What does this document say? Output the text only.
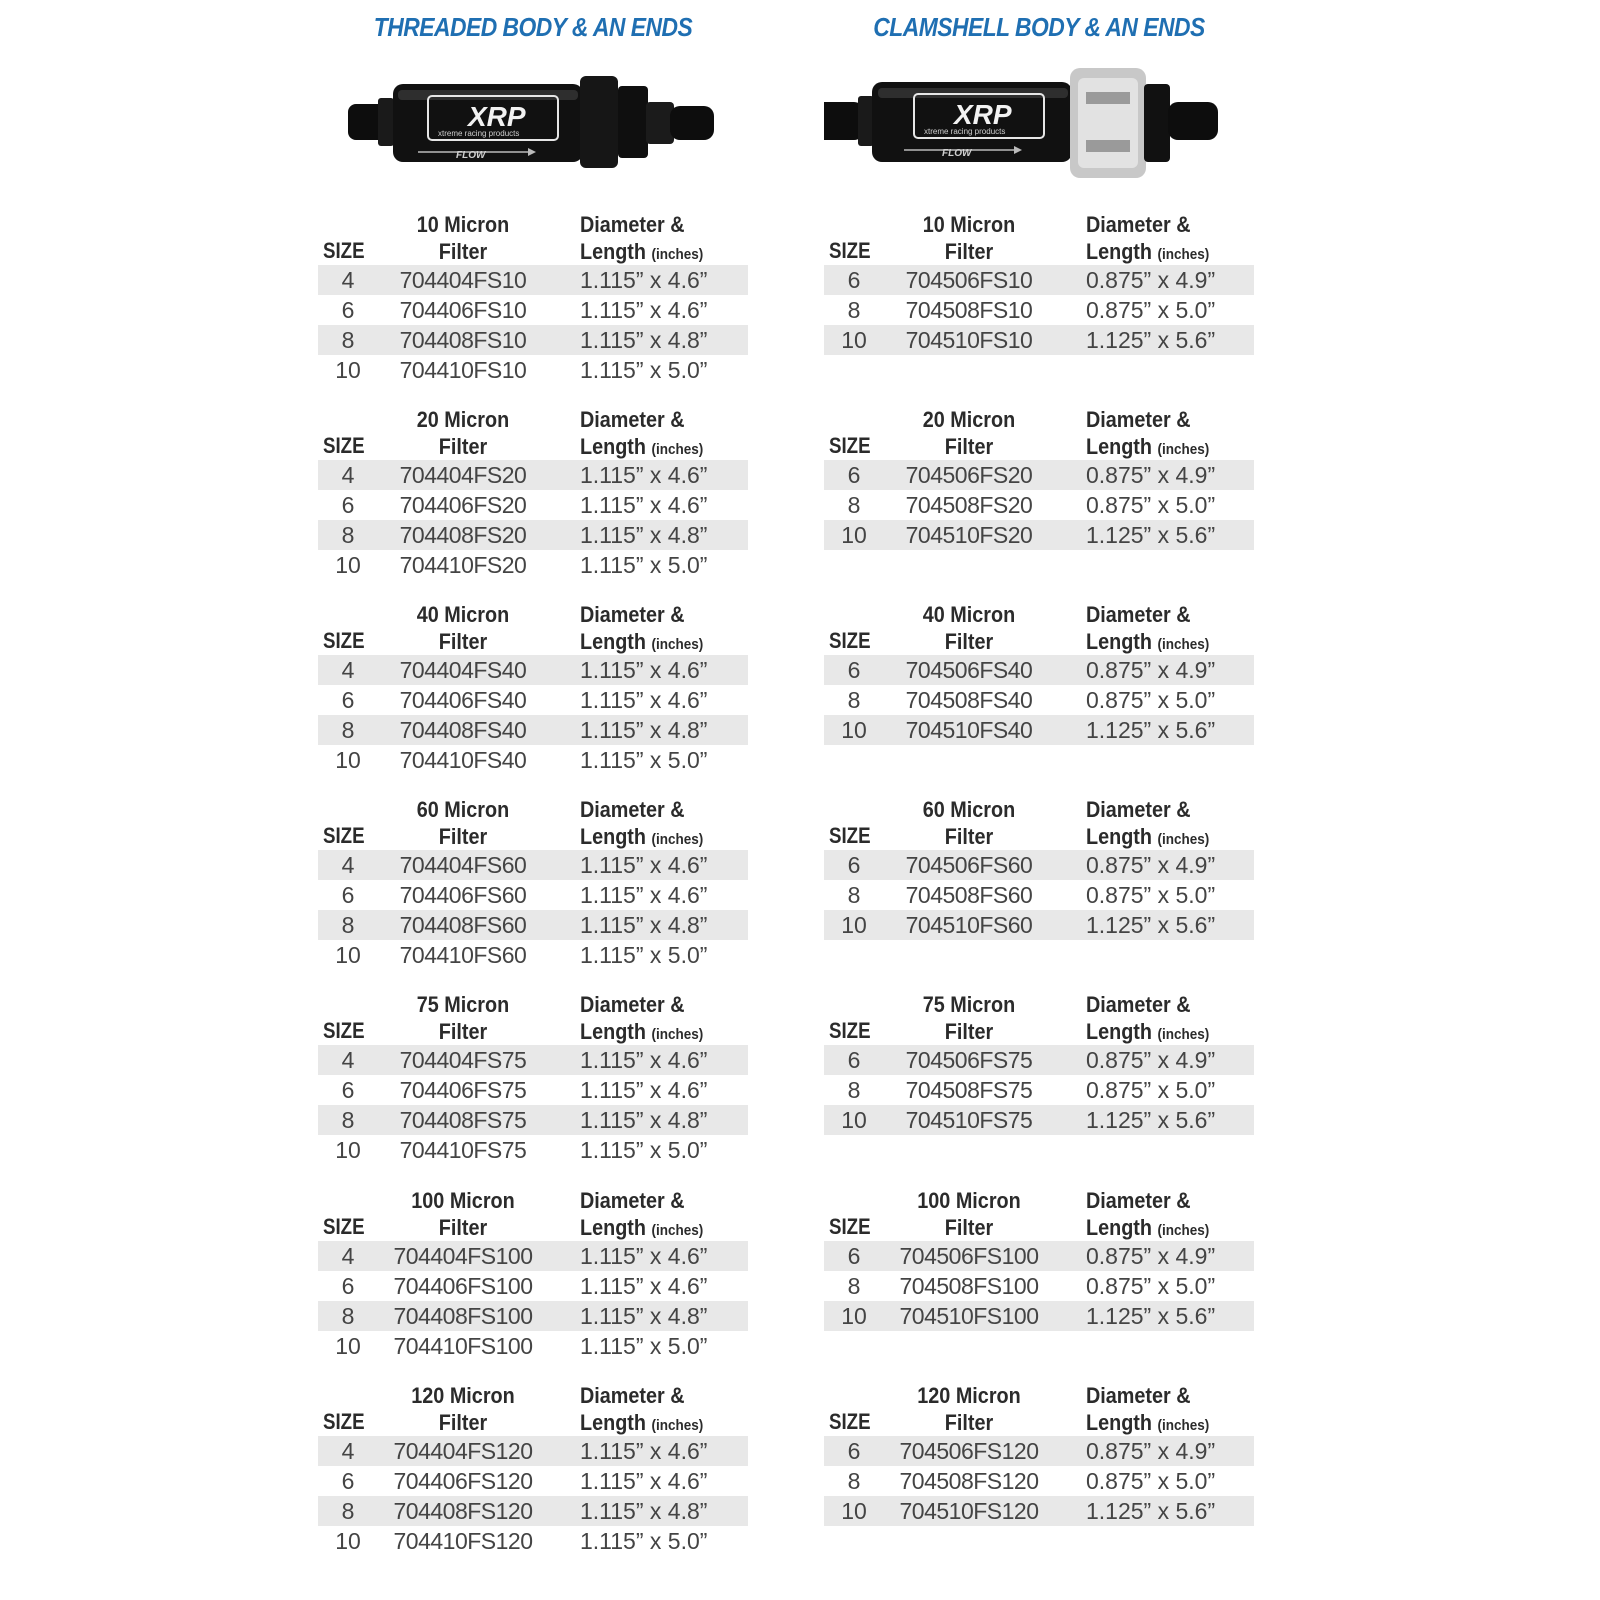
THREADED BODY & AN ENDS
XRP
xtreme racing products
FLOW
SIZE
10 Micron
Filter
Diameter &
Length (inches)
4	704404FS10	1.115” x 4.6”
6	704406FS10	1.115” x 4.6”
8	704408FS10	1.115” x 4.8”
10	704410FS10	1.115” x 5.0”
SIZE
20 Micron
Filter
Diameter &
Length (inches)
4	704404FS20	1.115” x 4.6”
6	704406FS20	1.115” x 4.6”
8	704408FS20	1.115” x 4.8”
10	704410FS20	1.115” x 5.0”
SIZE
40 Micron
Filter
Diameter &
Length (inches)
4	704404FS40	1.115” x 4.6”
6	704406FS40	1.115” x 4.6”
8	704408FS40	1.115” x 4.8”
10	704410FS40	1.115” x 5.0”
SIZE
60 Micron
Filter
Diameter &
Length (inches)
4	704404FS60	1.115” x 4.6”
6	704406FS60	1.115” x 4.6”
8	704408FS60	1.115” x 4.8”
10	704410FS60	1.115” x 5.0”
SIZE
75 Micron
Filter
Diameter &
Length (inches)
4	704404FS75	1.115” x 4.6”
6	704406FS75	1.115” x 4.6”
8	704408FS75	1.115” x 4.8”
10	704410FS75	1.115” x 5.0”
SIZE
100 Micron
Filter
Diameter &
Length (inches)
4	704404FS100 1.115” x 4.6”
6	704406FS100 1.115” x 4.6”
8	704408FS100 1.115” x 4.8”
10	704410FS100 1.115” x 5.0”
SIZE
120 Micron
Filter
Diameter &
Length (inches)
4	704404FS120 1.115” x 4.6”
6	704406FS120 1.115” x 4.6”
8	704408FS120 1.115” x 4.8”
10	704410FS120 1.115” x 5.0”
CLAMSHELL BODY & AN ENDS
XRP
xtreme racing products
FLOW
SIZE
10 Micron
Filter
Diameter &
Length (inches)
6	704506FS10	0.875” x 4.9”
8	704508FS10	0.875” x 5.0”
10	704510FS10	1.125” x 5.6”
SIZE
20 Micron
Filter
Diameter &
Length (inches)
6	704506FS20	0.875” x 4.9”
8	704508FS20	0.875” x 5.0”
10	704510FS20	1.125” x 5.6”
SIZE
40 Micron
Filter
Diameter &
Length (inches)
6	704506FS40	0.875” x 4.9”
8	704508FS40	0.875” x 5.0”
10	704510FS40	1.125” x 5.6”
SIZE
60 Micron
Filter
Diameter &
Length (inches)
6	704506FS60	0.875” x 4.9”
8	704508FS60	0.875” x 5.0”
10	704510FS60	1.125” x 5.6”
SIZE
75 Micron
Filter
Diameter &
Length (inches)
6	704506FS75	0.875” x 4.9”
8	704508FS75	0.875” x 5.0”
10	704510FS75	1.125” x 5.6”
SIZE
100 Micron
Filter
Diameter &
Length (inches)
6	704506FS100 0.875” x 4.9”
8	704508FS100 0.875” x 5.0”
10	704510FS100 1.125” x 5.6”
SIZE
120 Micron
Filter
Diameter &
Length (inches)
6	704506FS120 0.875” x 4.9”
8	704508FS120 0.875” x 5.0”
10	704510FS120 1.125” x 5.6”
